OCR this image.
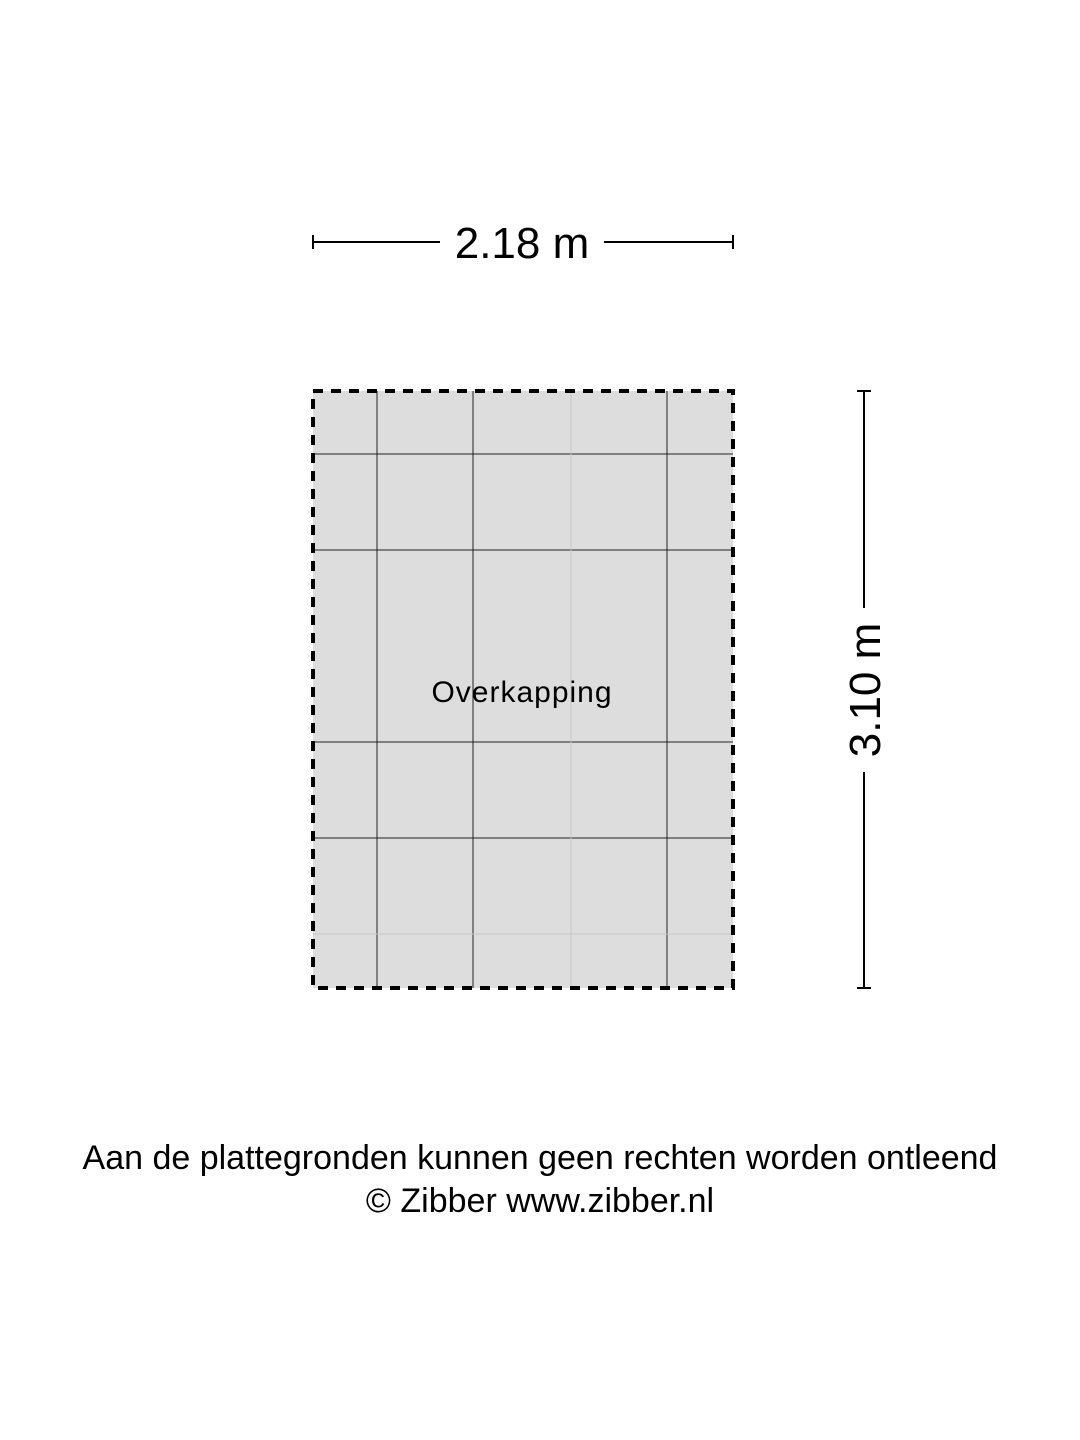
2.18 m
3.10 m
Overkapping
Aan de plattegronden kunnen geen rechten worden ontleend
© Zibber www.zibber.nl
